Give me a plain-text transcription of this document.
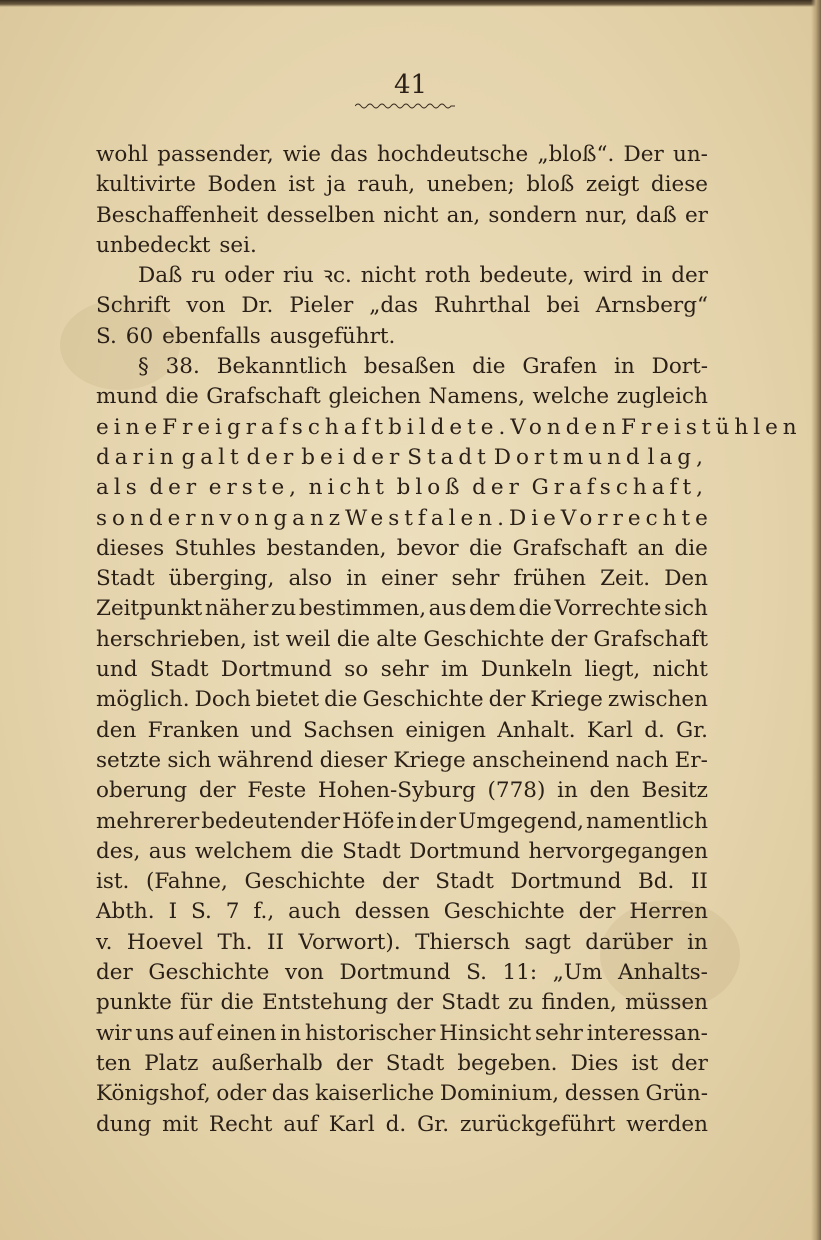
41
wohl passender, wie das hochdeutsche „bloß“. Der un-
kultivirte Boden ist ja rauh, uneben; bloß zeigt diese
Beschaffenheit desselben nicht an, sondern nur, daß er
unbedeckt sei.
Daß ru oder riu ꝛc. nicht roth bedeute, wird in der
Schrift von Dr. Pieler „das Ruhrthal bei Arnsberg“
S. 60 ebenfalls ausgeführt.
§ 38. Bekanntlich besaßen die Grafen in Dort-
mund die Grafschaft gleichen Namens, welche zugleich
eine Freigrafschaft bildete. Von den Freistühlen
darin galt der bei der Stadt Dortmund lag,
als der erste, nicht bloß der Grafschaft,
sondern von ganz Westfalen. Die Vorrechte
dieses Stuhles bestanden, bevor die Grafschaft an die
Stadt überging, also in einer sehr frühen Zeit. Den
Zeitpunkt näher zu bestimmen, aus dem die Vorrechte sich
herschrieben, ist weil die alte Geschichte der Grafschaft
und Stadt Dortmund so sehr im Dunkeln liegt, nicht
möglich. Doch bietet die Geschichte der Kriege zwischen
den Franken und Sachsen einigen Anhalt. Karl d. Gr.
setzte sich während dieser Kriege anscheinend nach Er-
oberung der Feste Hohen-Syburg (778) in den Besitz
mehrerer bedeutender Höfe in der Umgegend, namentlich
des, aus welchem die Stadt Dortmund hervorgegangen
ist. (Fahne, Geschichte der Stadt Dortmund Bd. II
Abth. I S. 7 f., auch dessen Geschichte der Herren
v. Hoevel Th. II Vorwort). Thiersch sagt darüber in
der Geschichte von Dortmund S. 11: „Um Anhalts-
punkte für die Entstehung der Stadt zu finden, müssen
wir uns auf einen in historischer Hinsicht sehr interessan-
ten Platz außerhalb der Stadt begeben. Dies ist der
Königshof, oder das kaiserliche Dominium, dessen Grün-
dung mit Recht auf Karl d. Gr. zurückgeführt werden
